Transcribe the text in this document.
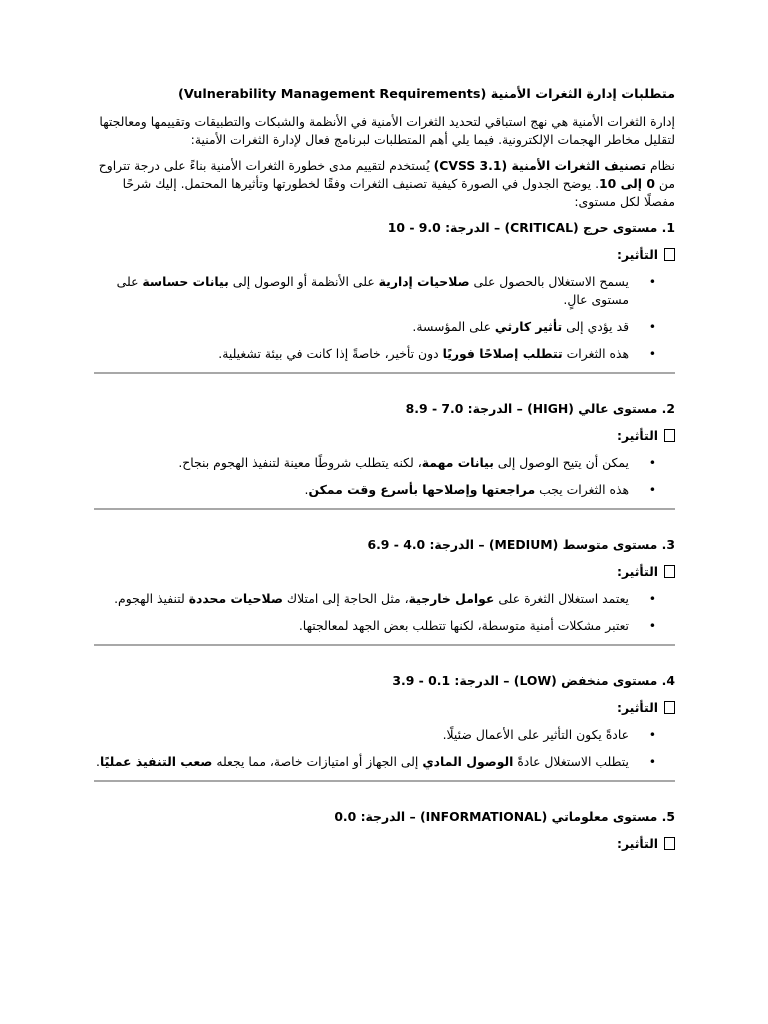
متطلبات إدارة الثغرات الأمنية (Vulnerability Management Requirements)

إدارة الثغرات الأمنية هي نهج استباقي لتحديد الثغرات الأمنية في الأنظمة والشبكات والتطبيقات وتقييمها ومعالجتها لتقليل مخاطر الهجمات الإلكترونية. فيما يلي أهم المتطلبات لبرنامج فعال لإدارة الثغرات الأمنية:

نظام تصنيف الثغرات الأمنية (CVSS 3.1) يُستخدم لتقييم مدى خطورة الثغرات الأمنية بناءً على درجة تتراوح من 0 إلى 10. يوضح الجدول في الصورة كيفية تصنيف الثغرات وفقًا لخطورتها وتأثيرها المحتمل. إليك شرحًا مفصلًا لكل مستوى:

1. مستوى حرج (CRITICAL) – الدرجة: 9.0 - 10
التأثير:
• يسمح الاستغلال بالحصول على صلاحيات إدارية على الأنظمة أو الوصول إلى بيانات حساسة على مستوى عالٍ.
• قد يؤدي إلى تأثير كارثي على المؤسسة.
• هذه الثغرات تتطلب إصلاحًا فوريًا دون تأخير، خاصةً إذا كانت في بيئة تشغيلية.
2. مستوى عالي (HIGH) – الدرجة: 7.0 - 8.9
التأثير:
• يمكن أن يتيح الوصول إلى بيانات مهمة، لكنه يتطلب شروطًا معينة لتنفيذ الهجوم بنجاح.
• هذه الثغرات يجب مراجعتها وإصلاحها بأسرع وقت ممكن.
3. مستوى متوسط (MEDIUM) – الدرجة: 4.0 - 6.9
التأثير:
• يعتمد استغلال الثغرة على عوامل خارجية، مثل الحاجة إلى امتلاك صلاحيات محددة لتنفيذ الهجوم.
• تعتبر مشكلات أمنية متوسطة، لكنها تتطلب بعض الجهد لمعالجتها.
4. مستوى منخفض (LOW) – الدرجة: 0.1 - 3.9
التأثير:
• عادةً يكون التأثير على الأعمال ضئيلًا.
• يتطلب الاستغلال عادةً الوصول المادي إلى الجهاز أو امتيازات خاصة، مما يجعله صعب التنفيذ عمليًا.
5. مستوى معلوماتي (INFORMATIONAL) – الدرجة: 0.0
التأثير:
